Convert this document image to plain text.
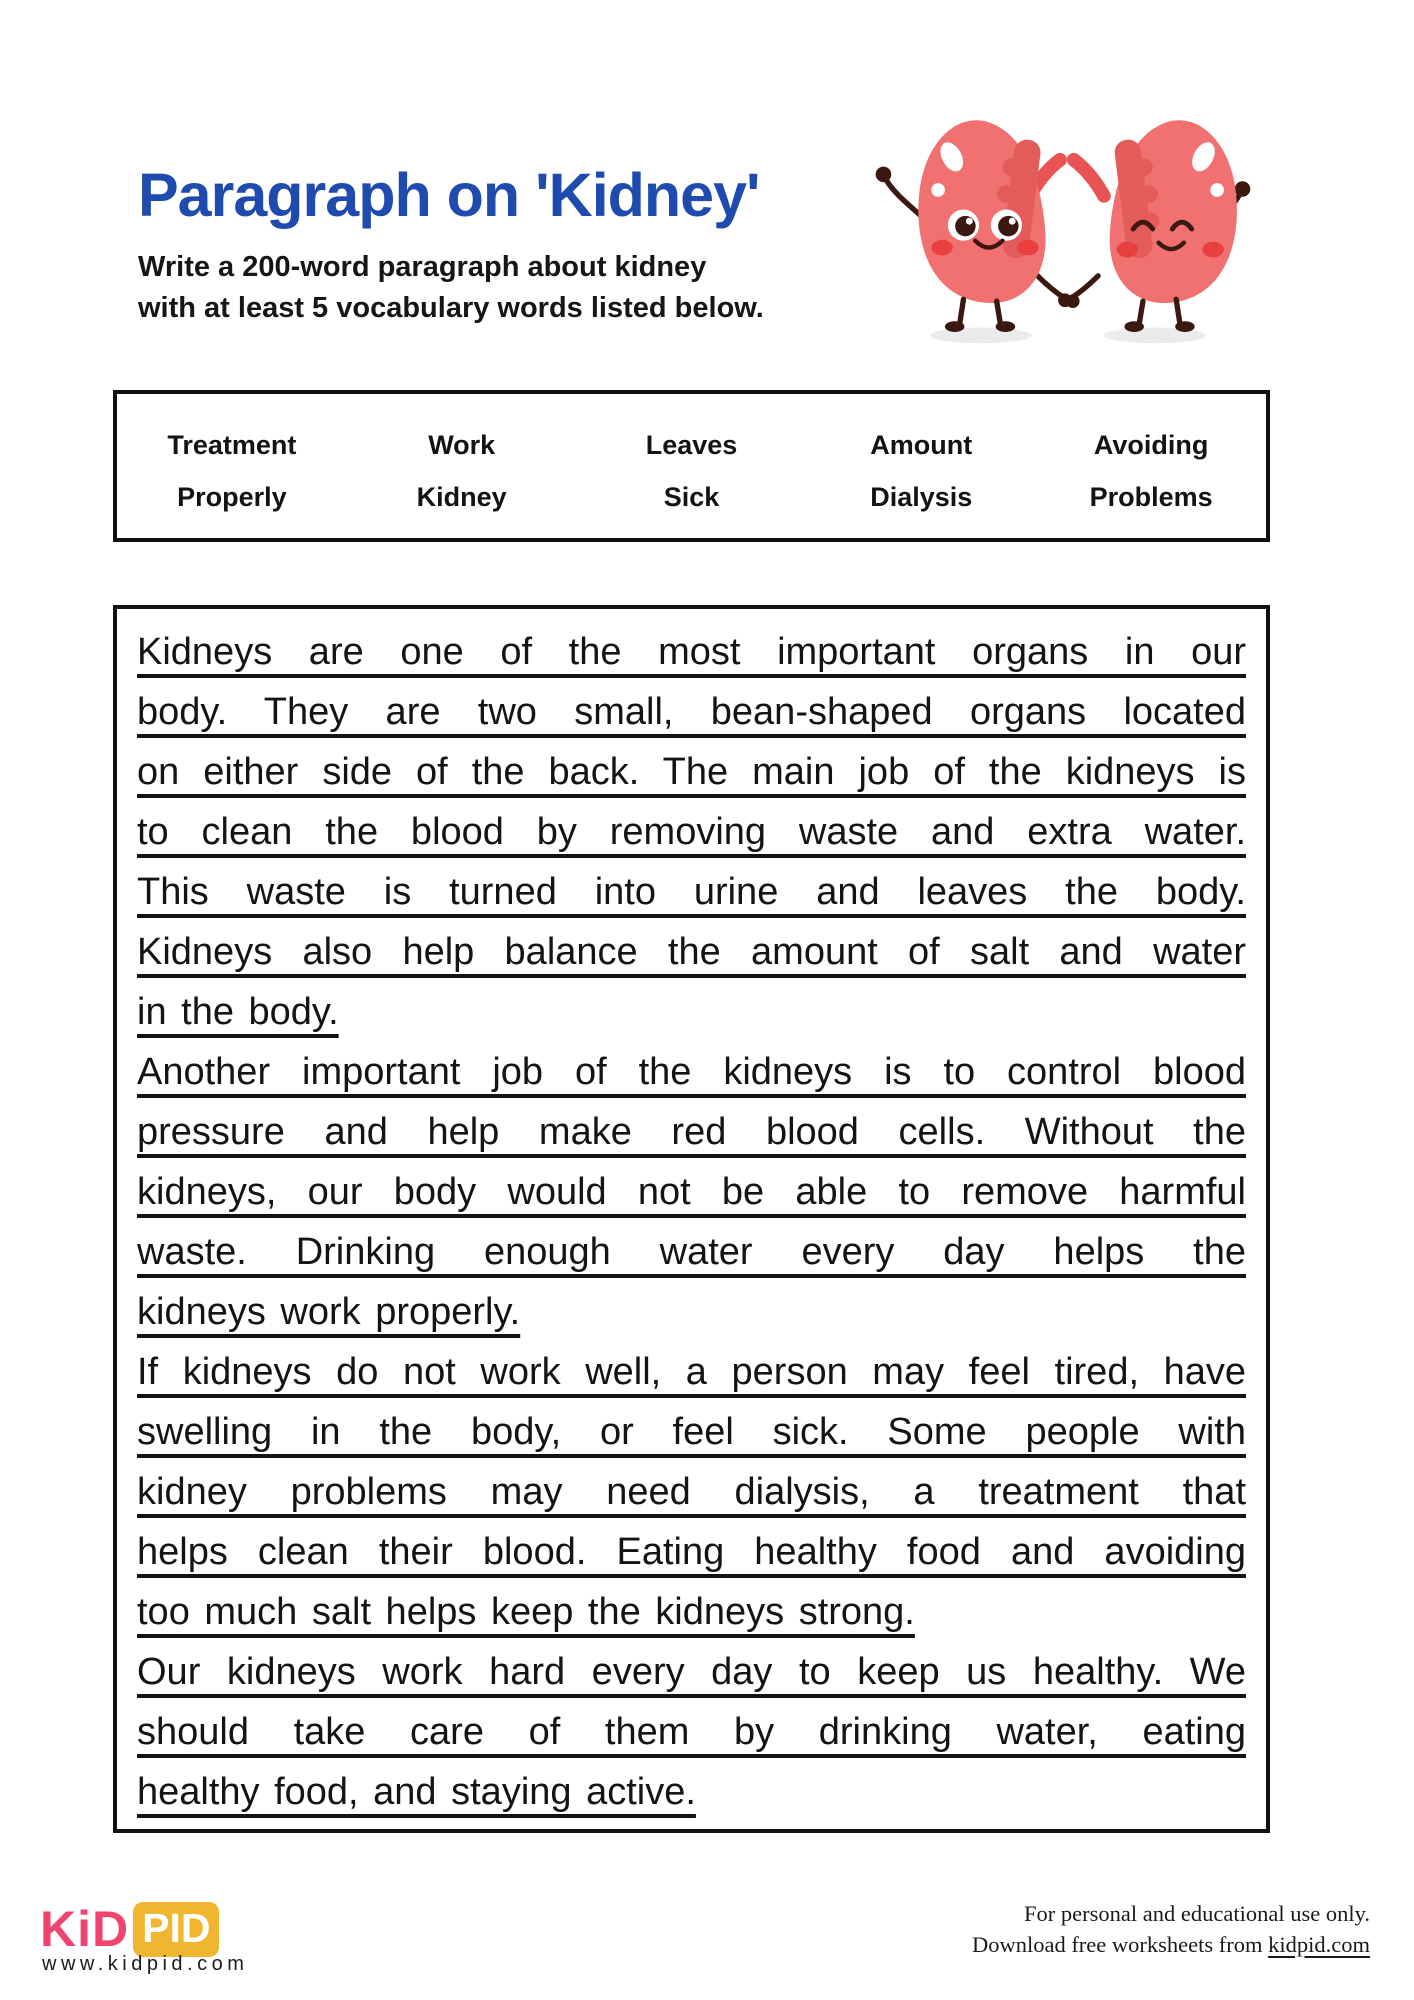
Paragraph on 'Kidney'
Write a 200-word paragraph about kidney
with at least 5 vocabulary words listed below.
Treatment	Work	Leaves	Amount	Avoiding
Properly	Kidney	Sick	Dialysis	Problems
Kidneys are one of the most important organs in our
body. They are two small, bean-shaped organs located
on either side of the back. The main job of the kidneys is
to clean the blood by removing waste and extra water.
This waste is turned into urine and leaves the body.
Kidneys also help balance the amount of salt and water
in the body.
Another important job of the kidneys is to control blood
pressure and help make red blood cells. Without the
kidneys, our body would not be able to remove harmful
waste. Drinking enough water every day helps the
kidneys work properly.
If kidneys do not work well, a person may feel tired, have
swelling in the body, or feel sick. Some people with
kidney problems may need dialysis, a treatment that
helps clean their blood. Eating healthy food and avoiding
too much salt helps keep the kidneys strong.
Our kidneys work hard every day to keep us healthy. We
should take care of them by drinking water, eating
healthy food, and staying active.
KiD PID
www.kidpid.com
For personal and educational use only.
Download free worksheets from kidpid.com
